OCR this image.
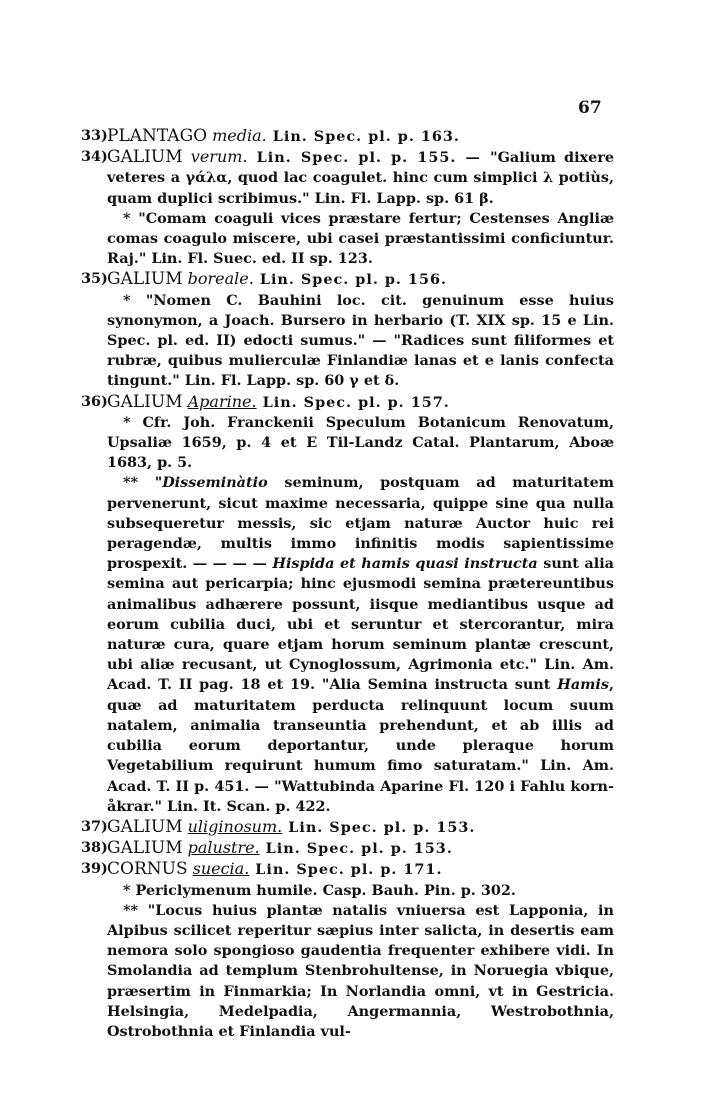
67
33) PLANTAGO media. Lin. Spec. pl. p. 163.
34) GALIUM verum. Lin. Spec. pl. p. 155. — "Galium dixere veteres a γάλα, quod lac coagulet. hinc cum simplici λ potiùs, quam duplici scribimus." Lin. Fl. Lapp. sp. 61 β.
* "Comam coaguli vices præstare fertur; Cestenses Angliæ comas coagulo miscere, ubi casei præstantissimi conficiuntur. Raj." Lin. Fl. Suec. ed. II sp. 123.
35) GALIUM boreale. Lin. Spec. pl. p. 156.
* "Nomen C. Bauhini loc. cit. genuinum esse huius synonymon, a Joach. Bursero in herbario (T. XIX sp. 15 e Lin. Spec. pl. ed. II) edocti sumus." — "Radices sunt filiformes et rubræ, quibus mulierculæ Finlandiæ lanas et e lanis confecta tingunt." Lin. Fl. Lapp. sp. 60 γ et δ.
36) GALIUM Aparine. Lin. Spec. pl. p. 157.
* Cfr. Joh. Franckenii Speculum Botanicum Renovatum, Upsaliæ 1659, p. 4 et E Til-Landz Catal. Plantarum, Aboæ 1683, p. 5.
** "Disseminàtio seminum, postquam ad maturitatem pervenerunt, sicut maxime necessaria, quippe sine qua nulla subsequeretur messis, sic etjam naturæ Auctor huic rei peragendæ, multis immo infinitis modis sapientissime prospexit. — — — — Hispida et hamis quasi instructa sunt alia semina aut pericarpia; hinc ejusmodi semina prætereuntibus animalibus adhærere possunt, iisque mediantibus usque ad eorum cubilia duci, ubi et seruntur et stercorantur, mira naturæ cura, quare etjam horum seminum plantæ crescunt, ubi aliæ recusant, ut Cynoglossum, Agrimonia etc." Lin. Am. Acad. T. II pag. 18 et 19. "Alia Semina instructa sunt Hamis, quæ ad maturitatem perducta relinquunt locum suum natalem, animalia transeuntia prehendunt, et ab illis ad cubilia eorum deportantur, unde pleraque horum Vegetabilium requirunt humum fimo saturatam." Lin. Am. Acad. T. II p. 451. — "Wattubinda Aparine Fl. 120 i Fahlu korn-åkrar." Lin. It. Scan. p. 422.
37) GALIUM uliginosum. Lin. Spec. pl. p. 153.
38) GALIUM palustre. Lin. Spec. pl. p. 153.
39) CORNUS suecia. Lin. Spec. pl. p. 171.
* Periclymenum humile. Casp. Bauh. Pin. p. 302.
** "Locus huius plantæ natalis vniuersa est Lapponia, in Alpibus scilicet reperitur sæpius inter salicta, in desertis eam nemora solo spongioso gaudentia frequenter exhibere vidi. In Smolandia ad templum Stenbrohultense, in Noruegia vbique, præsertim in Finmarkia; In Norlandia omni, vt in Gestricia. Helsingia, Medelpadia, Angermannia, Westrobothnia, Ostrobothnia et Finlandia vul-
